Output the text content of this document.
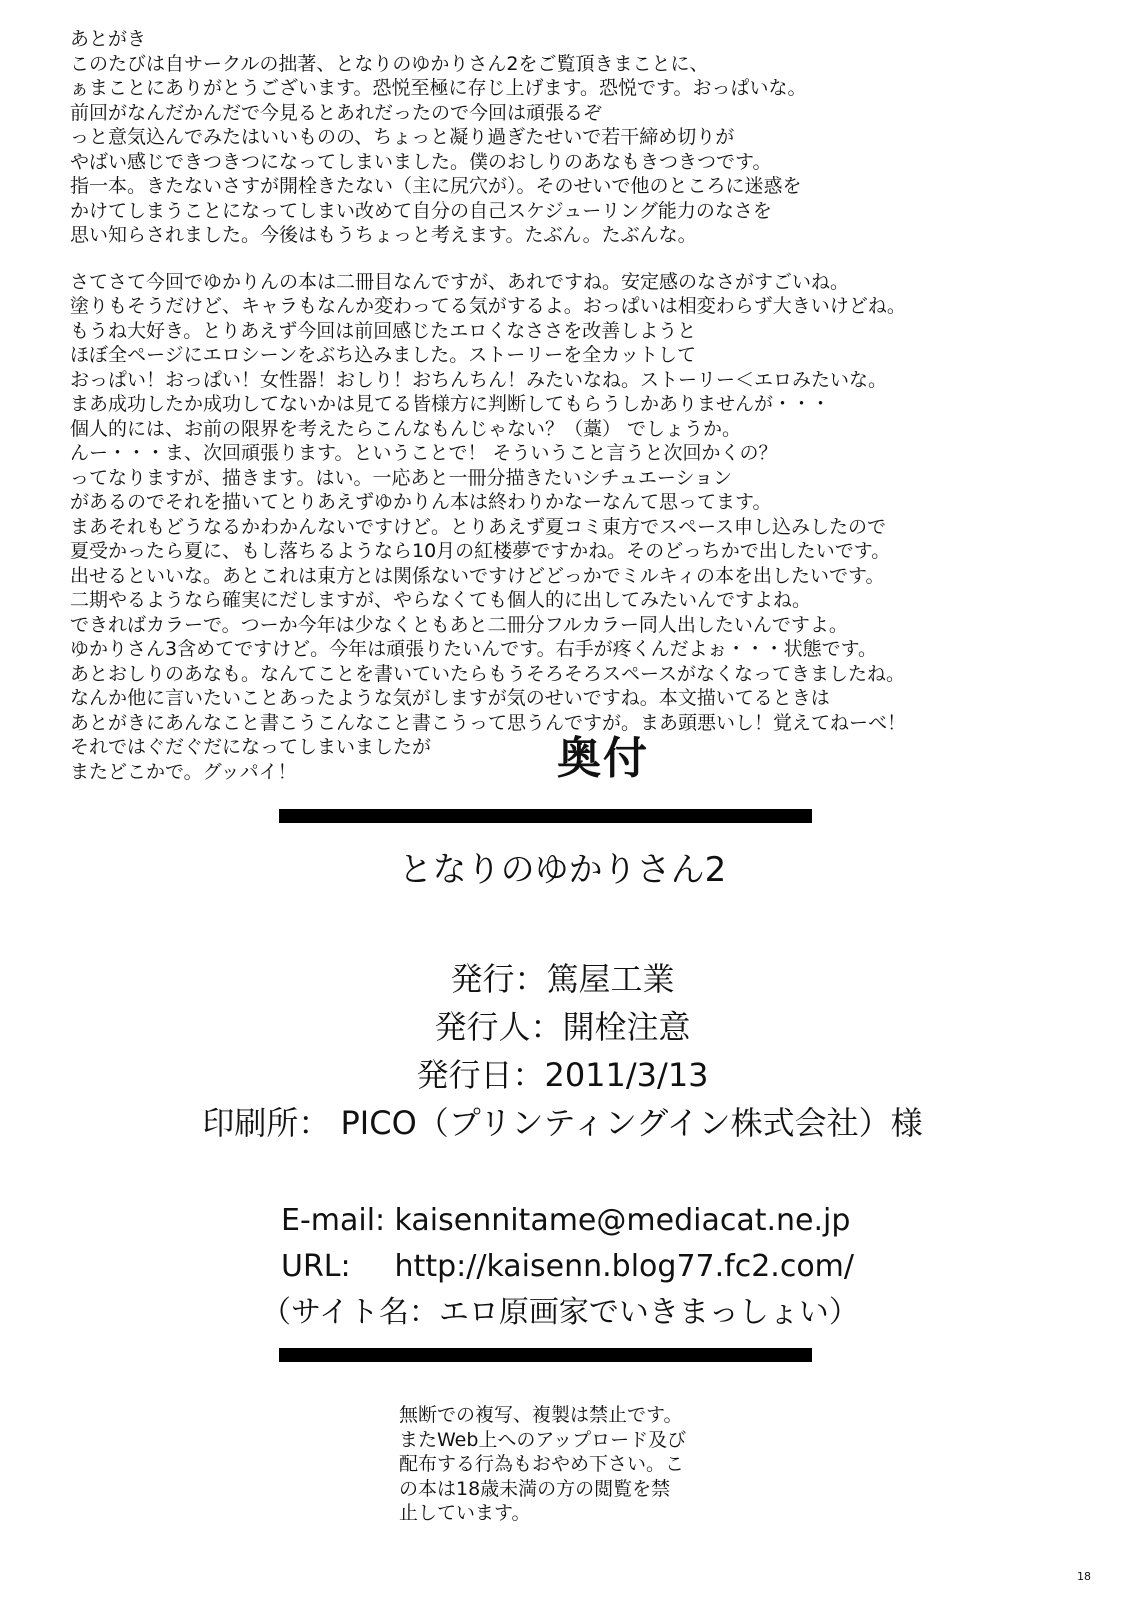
あとがき
このたびは自サークルの拙著、となりのゆかりさん2をご覧頂きまことに、
ぁまことにありがとうございます。恐悦至極に存じ上げます。恐悦です。おっぱいな。
前回がなんだかんだで今見るとあれだったので今回は頑張るぞ
っと意気込んでみたはいいものの、ちょっと凝り過ぎたせいで若干締め切りが
やばい感じできつきつになってしまいました。僕のおしりのあなもきつきつです。
指一本。きたないさすが開栓きたない（主に尻穴が）。そのせいで他のところに迷惑を
かけてしまうことになってしまい改めて自分の自己スケジューリング能力のなさを
思い知らされました。今後はもうちょっと考えます。たぶん。たぶんな。
さてさて今回でゆかりんの本は二冊目なんですが、あれですね。安定感のなさがすごいね。
塗りもそうだけど、キャラもなんか変わってる気がするよ。おっぱいは相変わらず大きいけどね。
もうね大好き。とりあえず今回は前回感じたエロくなささを改善しようと
ほぼ全ページにエロシーンをぶち込みました。ストーリーを全カットして
おっぱい！おっぱい！女性器！おしり！おちんちん！みたいなね。ストーリー＜エロみたいな。
まあ成功したか成功してないかは見てる皆様方に判断してもらうしかありませんが・・・
個人的には、お前の限界を考えたらこんなもんじゃない？（藁） でしょうか。
んー・・・ま、次回頑張ります。ということで！ そういうこと言うと次回かくの？
ってなりますが、描きます。はい。一応あと一冊分描きたいシチュエーション
があるのでそれを描いてとりあえずゆかりん本は終わりかなーなんて思ってます。
まあそれもどうなるかわかんないですけど。とりあえず夏コミ東方でスペース申し込みしたので
夏受かったら夏に、もし落ちるようなら10月の紅楼夢ですかね。そのどっちかで出したいです。
出せるといいな。あとこれは東方とは関係ないですけどどっかでミルキィの本を出したいです。
二期やるようなら確実にだしますが、やらなくても個人的に出してみたいんですよね。
できればカラーで。つーか今年は少なくともあと二冊分フルカラー同人出したいんですよ。
ゆかりさん3含めてですけど。今年は頑張りたいんです。右手が疼くんだよぉ・・・状態です。
あとおしりのあなも。なんてことを書いていたらもうそろそろスペースがなくなってきましたね。
なんか他に言いたいことあったような気がしますが気のせいですね。本文描いてるときは
あとがきにあんなこと書こうこんなこと書こうって思うんですが。まあ頭悪いし！覚えてねーべ！
それではぐだぐだになってしまいましたが
またどこかで。グッパイ！	奥付
となりのゆかりさん2
発行：篤屋工業
発行人：開栓注意
発行日：2011/3/13
印刷所： PICO（プリンティングイン株式会社）様
E-mail: kaisennitame@mediacat.ne.jp
URL: http://kaisenn.blog77.fc2.com/
（サイト名：エロ原画家でいきまっしょい）
無断での複写、複製は禁止です。
またWeb上へのアップロード及び
配布する行為もおやめ下さい。こ
の本は18歳未満の方の閲覧を禁
止しています。
18
